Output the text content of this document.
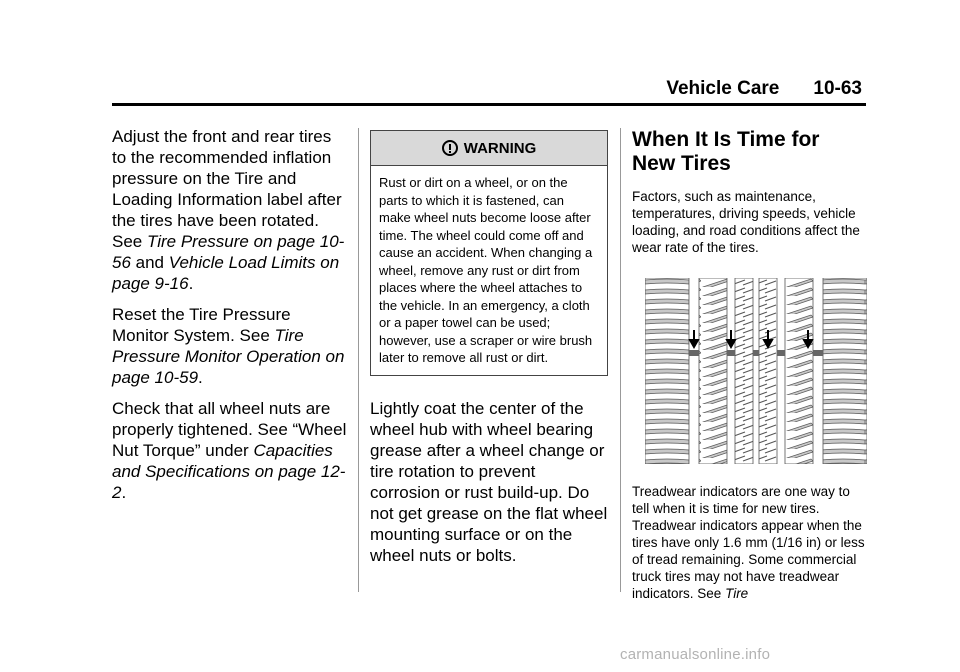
Vehicle Care 10-63

Adjust the front and rear tires to the recommended inflation pressure on the Tire and Loading Information label after the tires have been rotated. See Tire Pressure on page 10-56 and Vehicle Load Limits on page 9-16.

Reset the Tire Pressure Monitor System. See Tire Pressure Monitor Operation on page 10-59.

Check that all wheel nuts are properly tightened. See “Wheel Nut Torque” under Capacities and Specifications on page 12-2.

WARNING
Rust or dirt on a wheel, or on the parts to which it is fastened, can make wheel nuts become loose after time. The wheel could come off and cause an accident. When changing a wheel, remove any rust or dirt from places where the wheel attaches to the vehicle. In an emergency, a cloth or a paper towel can be used; however, use a scraper or wire brush later to remove all rust or dirt.
Lightly coat the center of the wheel hub with wheel bearing grease after a wheel change or tire rotation to prevent corrosion or rust build-up. Do not get grease on the flat wheel mounting surface or on the wheel nuts or bolts.
When It Is Time for New Tires
Factors, such as maintenance, temperatures, driving speeds, vehicle loading, and road conditions affect the wear rate of the tires.
Treadwear indicators are one way to tell when it is time for new tires. Treadwear indicators appear when the tires have only 1.6 mm (1/16 in) or less of tread remaining. Some commercial truck tires may not have treadwear indicators. See Tire
carmanualsonline.info
